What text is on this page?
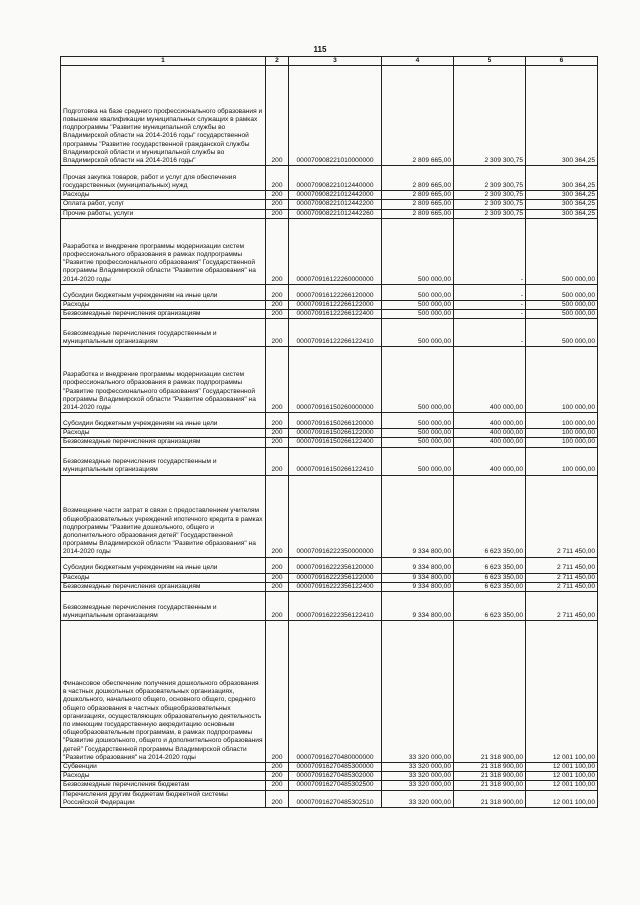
115
1	2	3	4	5	6
Подготовка на базе среднего профессионального образования и повышение квалификации муниципальных служащих в рамках подпрограммы "Развитие муниципальной службы во Владимирской области на 2014-2016 годы" государственной программы "Развитие государственной гражданской службы Владимирской области и муниципальной службы во Владимирской области на 2014-2016 годы"	200	000070908221010000000	2 809 665,00	2 309 300,75	300 364,25
Прочая закупка товаров, работ и услуг для обеспечения государственных (муниципальных) нужд	200	000070908221012440000	2 809 665,00	2 309 300,75	300 364,25
Расходы	200	000070908221012442000	2 809 665,00	2 309 300,75	300 364,25
Оплата работ, услуг	200	000070908221012442200	2 809 665,00	2 309 300,75	300 364,25
Прочие работы, услуги	200	000070908221012442260	2 809 665,00	2 309 300,75	300 364,25
Разработка и внедрение программы модернизации систем профессионального образования в рамках подпрограммы "Развитие профессионального образования" Государственной программы Владимирской области "Развитие образования" на 2014-2020 годы	200	000070916122260000000	500 000,00	-	500 000,00
Субсидии бюджетным учреждениям на иные цели	200	000070916122266120000	500 000,00	-	500 000,00
Расходы	200	000070916122266122000	500 000,00	-	500 000,00
Безвозмездные перечисления организациям	200	000070916122266122400	500 000,00	-	500 000,00
Безвозмездные перечисления государственным и муниципальным организациям	200	000070916122266122410	500 000,00	-	500 000,00
Разработка и внедрение программы модернизации систем профессионального образования в рамках подпрограммы "Развитие профессионального образования" Государственной программы Владимирской области "Развитие образования" на 2014-2020 годы	200	000070916150260000000	500 000,00	400 000,00	100 000,00
Субсидии бюджетным учреждениям на иные цели	200	000070916150266120000	500 000,00	400 000,00	100 000,00
Расходы	200	000070916150266122000	500 000,00	400 000,00	100 000,00
Безвозмездные перечисления организациям	200	000070916150266122400	500 000,00	400 000,00	100 000,00
Безвозмездные перечисления государственным и муниципальным организациям	200	000070916150266122410	500 000,00	400 000,00	100 000,00
Возмещение части затрат в связи с предоставлением учителям общеобразовательных учреждений ипотечного кредита в рамках подпрограммы "Развитие дошкольного, общего и дополнительного образования детей" Государственной программы Владимирской области "Развитие образования" на 2014-2020 годы	200	000070916222350000000	9 334 800,00	6 623 350,00	2 711 450,00
Субсидии бюджетным учреждениям на иные цели	200	000070916222356120000	9 334 800,00	6 623 350,00	2 711 450,00
Расходы	200	000070916222356122000	9 334 800,00	6 623 350,00	2 711 450,00
Безвозмездные перечисления организациям	200	000070916222356122400	9 334 800,00	6 623 350,00	2 711 450,00
Безвозмездные перечисления государственным и муниципальным организациям	200	000070916222356122410	9 334 800,00	6 623 350,00	2 711 450,00
Финансовое обеспечение получения дошкольного образования в частных дошкольных образовательных организациях, дошкольного, начального общего, основного общего, среднего общего образования в частных общеобразовательных организациях, осуществляющих образовательную деятельность по имеющим государственную аккредитацию основным общеобразовательным программам, в рамках подпрограммы "Развитие дошкольного, общего и дополнительного образования детей" Государственной программы Владимирской области "Развитие образования" на 2014-2020 годы	200	000070916270480000000	33 320 000,00	21 318 900,00	12 001 100,00
Субвенции	200	000070916270485300000	33 320 000,00	21 318 900,00	12 001 100,00
Расходы	200	000070916270485302000	33 320 000,00	21 318 900,00	12 001 100,00
Безвозмездные перечисления бюджетам	200	000070916270485302500	33 320 000,00	21 318 900,00	12 001 100,00
Перечисления другим бюджетам бюджетной системы Российской Федерации	200	000070916270485302510	33 320 000,00	21 318 900,00	12 001 100,00
